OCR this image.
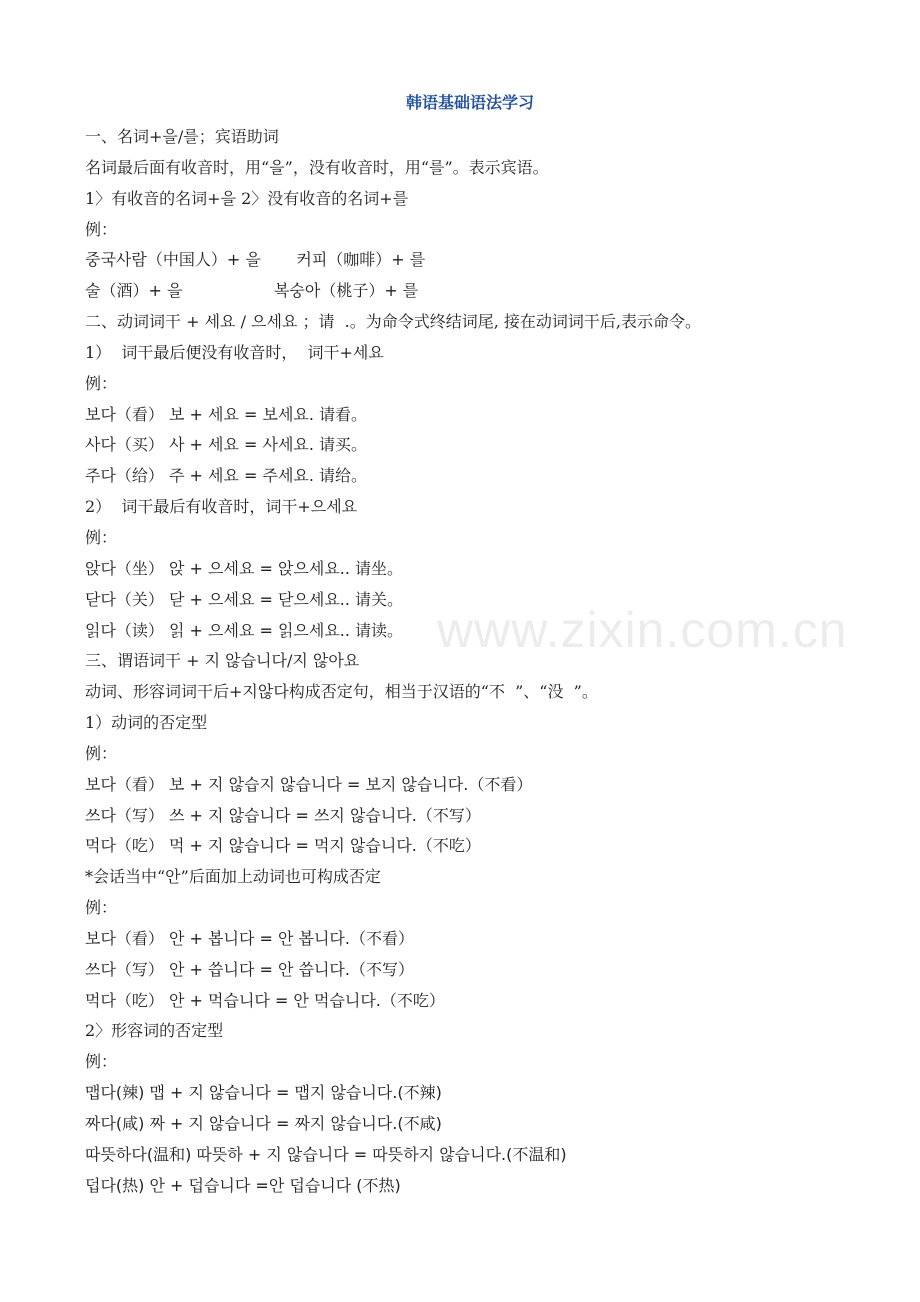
韩语基础语法学习
一、名词+을/를；宾语助词
名词最后面有收音时，用“을”，没有收音时，用“를”。表示宾语。
1〉有收音的名词+을 2〉没有收音的名词+를
例：
중국사람（中国人）+ 을       커피（咖啡）+ 를
술（酒）+ 을                  복숭아（桃子）+ 를
二、动词词干 + 세요 / 으세요 ；请  .。为命令式终结词尾, 接在动词词干后,表示命令。
1）  词干最后便没有收音时，  词干+세요
例：
보다（看） 보 + 세요 = 보세요. 请看。
사다（买） 사 + 세요 = 사세요. 请买。
주다（给） 주 + 세요 = 주세요. 请给。
2）  词干最后有收音时，词干+으세요
例：
앉다（坐） 앉 + 으세요 = 앉으세요.. 请坐。
닫다（关） 닫 + 으세요 = 닫으세요.. 请关。
읽다（读） 읽 + 으세요 = 읽으세요.. 请读。
三、谓语词干 + 지 않습니다/지 않아요
动词、形容词词干后+지않다构成否定句，相当于汉语的“不  ”、“没  ”。
1）动词的否定型
例：
보다（看） 보 + 지 않습지 않습니다 = 보지 않습니다.（不看）
쓰다（写） 쓰 + 지 않습니다 = 쓰지 않습니다.（不写）
먹다（吃） 먹 + 지 않습니다 = 먹지 않습니다.（不吃）
*会话当中“안”后面加上动词也可构成否定
例：
보다（看） 안 + 봅니다 = 안 봅니다.（不看）
쓰다（写） 안 + 씁니다 = 안 씁니다.（不写）
먹다（吃） 안 + 먹습니다 = 안 먹습니다.（不吃）
2〉形容词的否定型
例：
맵다(辣) 맵 + 지 않습니다 = 맵지 않습니다.(不辣)
짜다(咸) 짜 + 지 않습니다 = 짜지 않습니다.(不咸)
따뜻하다(温和) 따뜻하 + 지 않습니다 = 따뜻하지 않습니다.(不温和)
덥다(热) 안 + 덥습니다 =안 덥습니다 (不热)
www.zixin.com.cn
